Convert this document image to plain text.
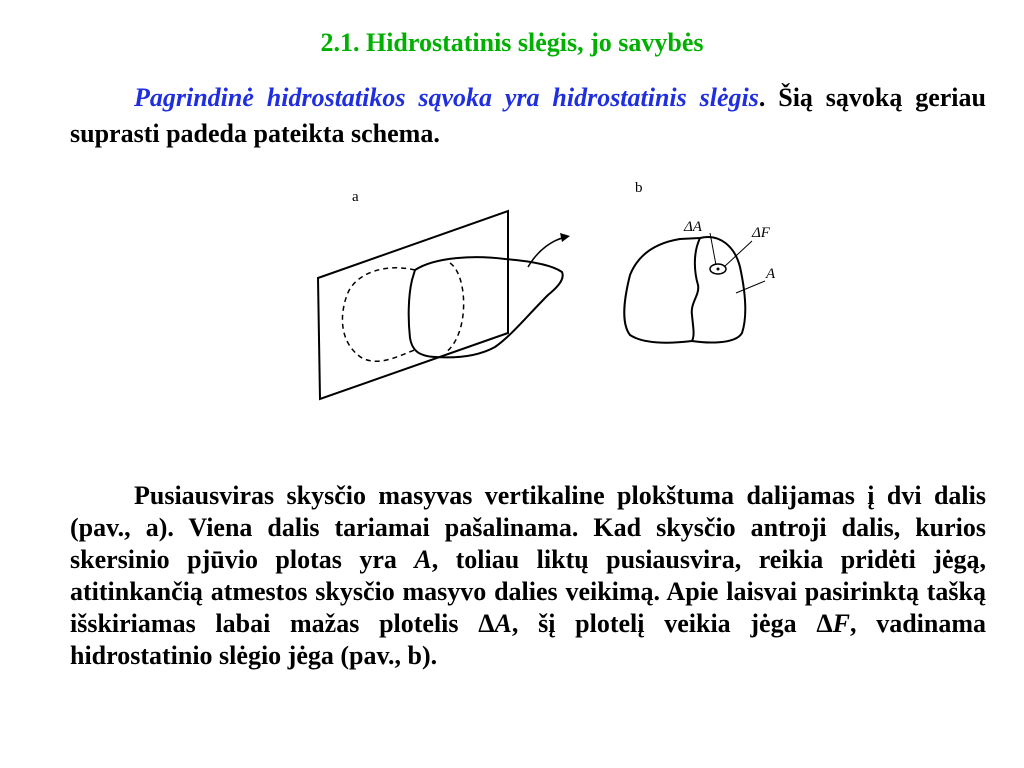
2.1. Hidrostatinis slėgis, jo savybės

Pagrindinė hidrostatikos sąvoka yra hidrostatinis slėgis. Šią sąvoką geriau suprasti padeda pateikta schema.

a
b
ΔA	ΔF
A

Pusiausviras skysčio masyvas vertikaline plokštuma dalijamas į dvi dalis (pav., a). Viena dalis tariamai pašalinama. Kad skysčio antroji dalis, kurios skersinio pjūvio plotas yra A, toliau liktų pusiausvira, reikia pridėti jėgą, atitinkančią atmestos skysčio masyvo dalies veikimą. Apie laisvai pasirinktą tašką išskiriamas labai mažas plotelis ΔA, šį plotelį veikia jėga ΔF, vadinama hidrostatinio slėgio jėga (pav., b).
